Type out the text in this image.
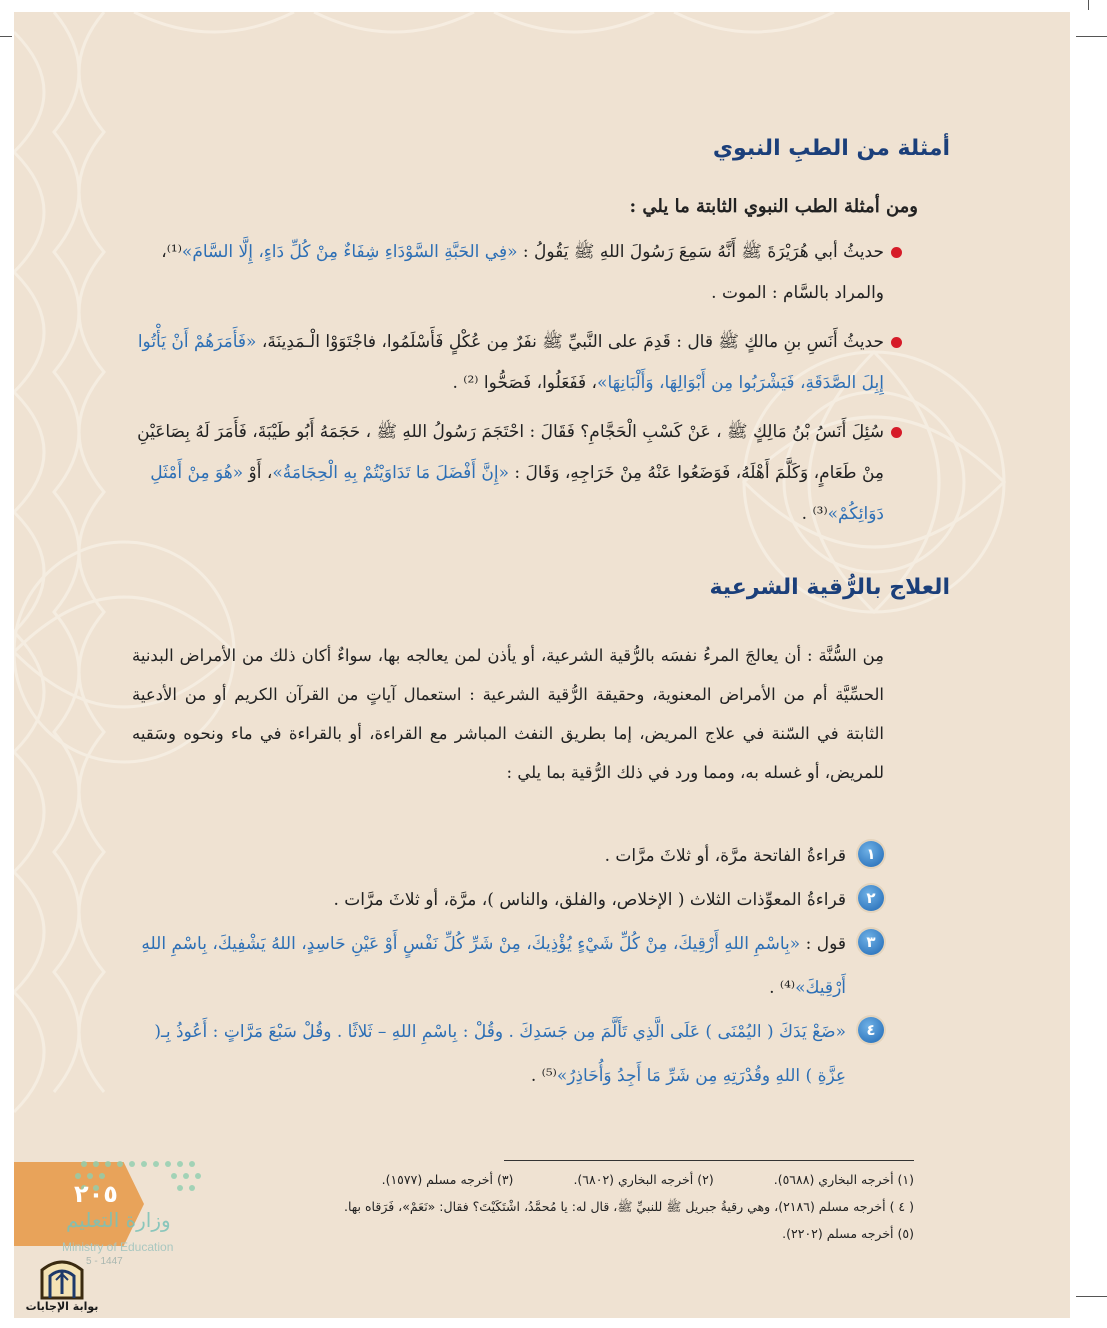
أمثلة من الطبِ النبوي
ومن أمثلة الطب النبوي الثابتة ما يلي :
حديثُ أبي هُرَيْرَةَ ﷺ أَنَّهُ سَمِعَ رَسُولَ اللهِ ﷺ يَقُولُ : «فِي الحَبَّةِ السَّوْدَاءِ شِفَاءٌ مِنْ كُلِّ دَاءٍ، إِلَّا السَّامَ»⁽¹⁾، والمراد بالسَّام : الموت .
حديثُ أَنَسِ بنِ مالكٍ ﷺ قال : قَدِمَ على النَّبيِّ ﷺ نفَرٌ مِن عُكْلٍ فَأَسْلَمُوا، فاجْتَوَوْا الْـمَدِينَةَ، «فَأَمَرَهُمْ أَنْ يَأْتُوا إِبِلَ الصَّدَقَةِ، فَيَشْرَبُوا مِن أَبْوَالِهَا، وَأَلْبَانِهَا»، فَفَعَلُوا، فَصَحُّوا ⁽²⁾ .
سُئِلَ أَنَسُ بْنُ مَالِكٍ ﷺ ، عَنْ كَسْبِ الْحَجَّامِ؟ فَقَالَ : احْتَجَمَ رَسُولُ اللهِ ﷺ ، حَجَمَهُ أَبُو طَيْبَةَ، فَأَمَرَ لَهُ بِصَاعَيْنِ مِنْ طَعَامٍ، وَكَلَّمَ أَهْلَهُ، فَوَضَعُوا عَنْهُ مِنْ خَرَاجِهِ، وَقَالَ : «إِنَّ أَفْضَلَ مَا تَدَاوَيْتُمْ بِهِ الْحِجَامَةُ»، أَوْ «هُوَ مِنْ أَمْثَلِ دَوَائِكُمْ»⁽³⁾ .
العلاج بالرُّقية الشرعية

مِن السُّنَّة : أن يعالجَ المرءُ نفسَه بالرُّقية الشرعية، أو يأذن لمن يعالجه بها، سواءٌ أكان ذلك من الأمراض البدنية الحسِّيَّة أم من الأمراض المعنوية، وحقيقة الرُّقية الشرعية : استعمال آياتٍ من القرآن الكريم أو من الأدعية الثابتة في السّنة في علاج المريض، إما بطريق النفث المباشر مع القراءة، أو بالقراءة في ماء ونحوه وسَقيه للمريض، أو غسله به، ومما ورد في ذلك الرُّقية بما يلي :

١
قراءةُ الفاتحة مرَّة، أو ثلاثَ مرَّات .
٢
قراءةُ المعوِّذات الثلاث ( الإخلاص، والفلق، والناس )، مرَّة، أو ثلاثَ مرَّات .
٣
قول : «بِاسْمِ اللهِ أَرْقِيكَ، مِنْ كُلِّ شَيْءٍ يُؤْذِيكَ، مِنْ شَرِّ كُلِّ نَفْسٍ أَوْ عَيْنِ حَاسِدٍ، اللهُ يَشْفِيكَ، بِاسْمِ اللهِ أَرْقِيكَ»⁽⁴⁾ .
٤
«ضَعْ يَدَكَ ( اليُمْنَى ) عَلَى الَّذِي تَأَلَّمَ مِن جَسَدِكَ . وقُلْ : بِاسْمِ اللهِ – ثَلاثًا . وقُلْ سَبْعَ مَرَّاتٍ : أَعُوذُ بِـ( عِزَّةِ ) اللهِ وقُدْرَتِهِ مِن شَرِّ مَا أَجِدُ وَأُحَاذِرُ»⁽⁵⁾ .
(١) أخرجه البخاري (٥٦٨٨).
(٢) أخرجه البخاري (٦٨٠٢).
(٣) أخرجه مسلم (١٥٧٧).
( ٤ ) أخرجه مسلم (٢١٨٦)، وهي رقيةُ جبريل ﷺ للنبيِّ ﷺ، قال له: يا مُحمَّدُ، اشْتَكَيْتَ؟ فقال: «نَعَمْ»، فَرَقاه بها.
(٥) أخرجه مسلم (٢٢٠٢).
٢٠٥
وزارة التعليم
Ministry of Education
5 - 1447
بوابة الإجابات
